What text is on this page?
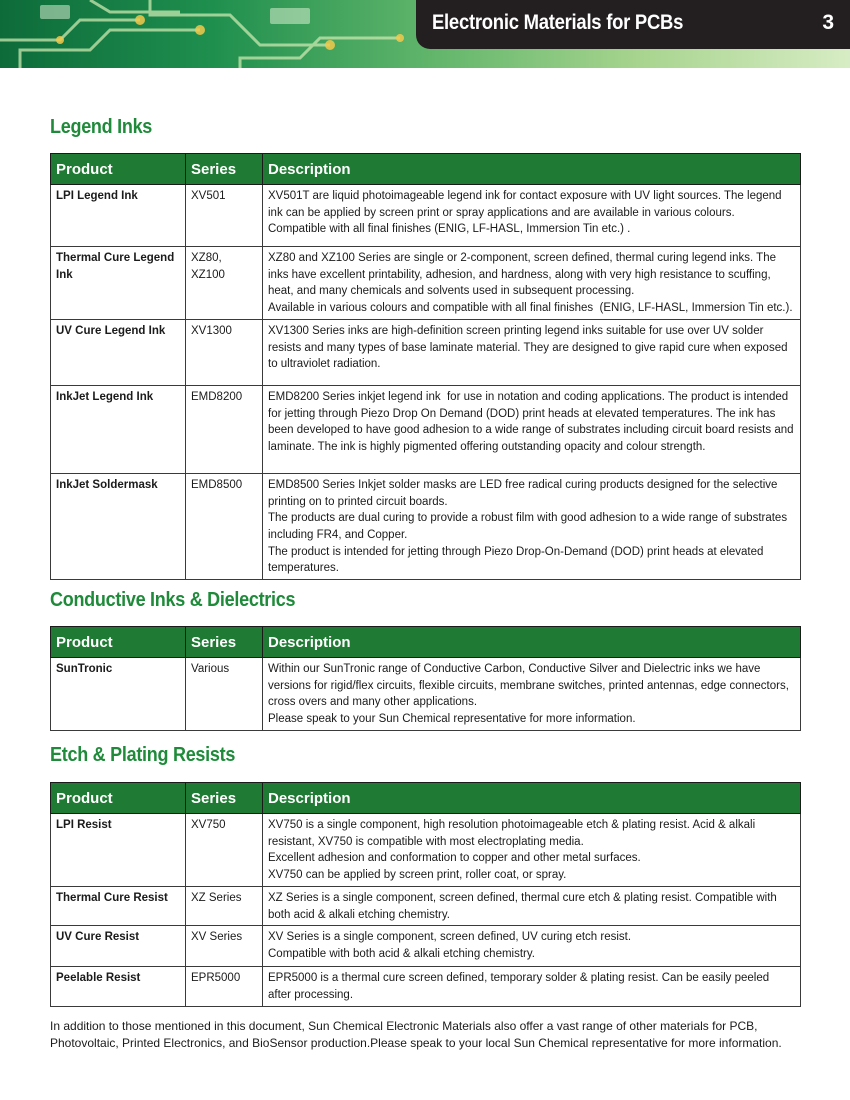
Electronic Materials for PCBs	3
Legend Inks
Product	Series	Description
LPI Legend Ink	XV501	XV501T are liquid photoimageable legend ink for contact exposure with UV light sources. The legend ink can be applied by screen print or spray applications and are available in various colours. Compatible with all final finishes (ENIG, LF-HASL, Immersion Tin etc.) .

Thermal Cure Legend Ink	XZ80, XZ100	XZ80 and XZ100 Series are single or 2-component, screen defined, thermal curing legend inks. The inks have excellent printability, adhesion, and hardness, along with very high resistance to scuffing, heat, and many chemicals and solvents used in subsequent processing.
Available in various colours and compatible with all final finishes  (ENIG, LF-HASL, Immersion Tin etc.).

UV Cure Legend Ink	XV1300	XV1300 Series inks are high-definition screen printing legend inks suitable for use over UV solder resists and many types of base laminate material. They are designed to give rapid cure when exposed to ultraviolet radiation.

InkJet Legend Ink	EMD8200	EMD8200 Series inkjet legend ink  for use in notation and coding applications. The product is intended for jetting through Piezo Drop On Demand (DOD) print heads at elevated temperatures. The ink has been developed to have good adhesion to a wide range of substrates including circuit board resists and laminate. The ink is highly pigmented offering outstanding opacity and colour strength.

InkJet Soldermask	EMD8500	EMD8500 Series Inkjet solder masks are LED free radical curing products designed for the selective printing on to printed circuit boards.
The products are dual curing to provide a robust film with good adhesion to a wide range of substrates including FR4, and Copper.
The product is intended for jetting through Piezo Drop-On-Demand (DOD) print heads at elevated temperatures.
Conductive Inks & Dielectrics
Product	Series	Description
SunTronic	Various	Within our SunTronic range of Conductive Carbon, Conductive Silver and Dielectric inks we have versions for rigid/flex circuits, flexible circuits, membrane switches, printed antennas, edge connectors, cross overs and many other applications.
Please speak to your Sun Chemical representative for more information.
Etch & Plating Resists
Product	Series	Description
LPI Resist	XV750	XV750 is a single component, high resolution photoimageable etch & plating resist. Acid & alkali resistant, XV750 is compatible with most electroplating media.
Excellent adhesion and conformation to copper and other metal surfaces.
XV750 can be applied by screen print, roller coat, or spray.

Thermal Cure Resist	XZ Series	XZ Series is a single component, screen defined, thermal cure etch & plating resist. Compatible with both acid & alkali etching chemistry.

UV Cure Resist	XV Series	XV Series is a single component, screen defined, UV curing etch resist.
Compatible with both acid & alkali etching chemistry.

Peelable Resist	EPR5000	EPR5000 is a thermal cure screen defined, temporary solder & plating resist. Can be easily peeled after processing.
In addition to those mentioned in this document, Sun Chemical Electronic Materials also offer a vast range of other materials for PCB, Photovoltaic, Printed Electronics, and BioSensor production.Please speak to your local Sun Chemical representative for more information.
